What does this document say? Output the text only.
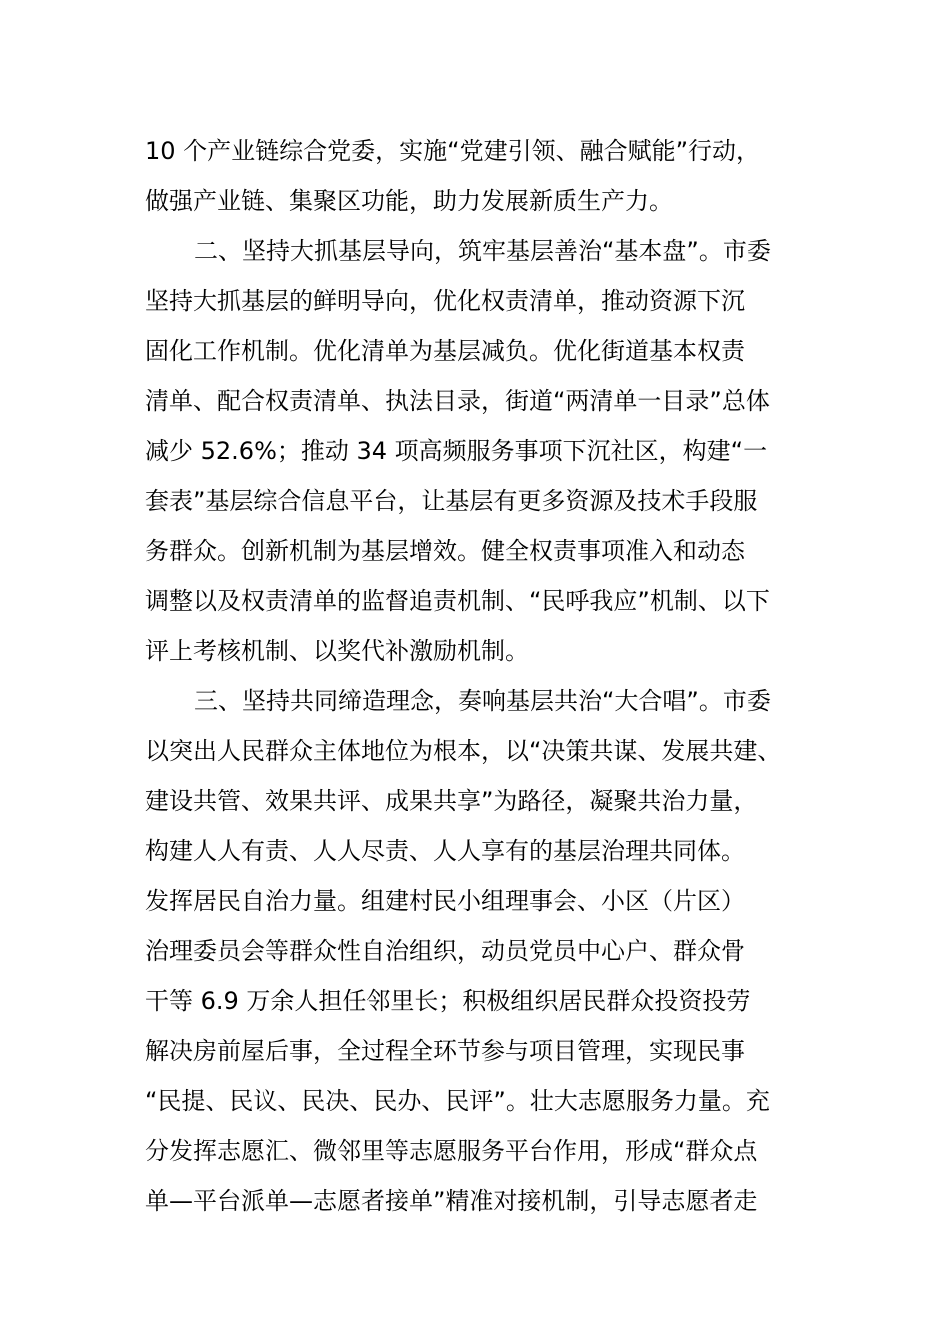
10 个产业链综合党委，实施“党建引领、融合赋能”行动，
做强产业链、集聚区功能，助力发展新质生产力。
二、坚持大抓基层导向，筑牢基层善治“基本盘”。市委
坚持大抓基层的鲜明导向，优化权责清单，推动资源下沉
固化工作机制。优化清单为基层减负。优化街道基本权责
清单、配合权责清单、执法目录，街道“两清单一目录”总体
减少 52.6%；推动 34 项高频服务事项下沉社区，构建“一
套表”基层综合信息平台，让基层有更多资源及技术手段服
务群众。创新机制为基层增效。健全权责事项准入和动态
调整以及权责清单的监督追责机制、“民呼我应”机制、以下
评上考核机制、以奖代补激励机制。
三、坚持共同缔造理念，奏响基层共治“大合唱”。市委
以突出人民群众主体地位为根本，以“决策共谋、发展共建、
建设共管、效果共评、成果共享”为路径，凝聚共治力量，
构建人人有责、人人尽责、人人享有的基层治理共同体。
发挥居民自治力量。组建村民小组理事会、小区（片区）
治理委员会等群众性自治组织，动员党员中心户、群众骨
干等 6.9 万余人担任邻里长；积极组织居民群众投资投劳
解决房前屋后事，全过程全环节参与项目管理，实现民事
“民提、民议、民决、民办、民评”。壮大志愿服务力量。充
分发挥志愿汇、微邻里等志愿服务平台作用，形成“群众点
单—平台派单—志愿者接单”精准对接机制，引导志愿者走
